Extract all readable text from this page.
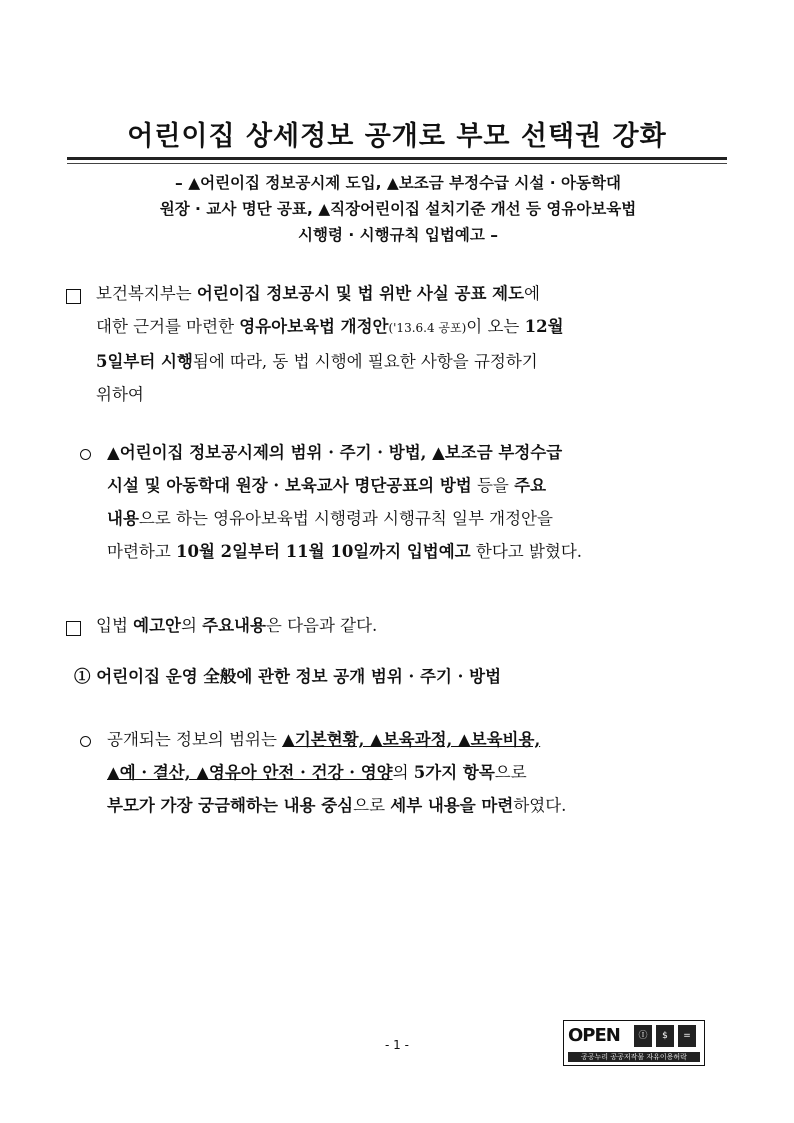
어린이집 상세정보 공개로 부모 선택권 강화
– ▲어린이집 정보공시제 도입, ▲보조금 부정수급 시설 · 아동학대
원장 · 교사 명단 공표, ▲직장어린이집 설치기준 개선 등 영유아보육법
시행령 · 시행규칙 입법예고 –
보건복지부는 어린이집 정보공시 및 법 위반 사실 공표 제도에
대한 근거를 마련한 영유아보육법 개정안('13.6.4 공포)이 오는 12월
5일부터 시행됨에 따라, 동 법 시행에 필요한 사항을 규정하기
위하여
▲어린이집 정보공시제의 범위 · 주기 · 방법, ▲보조금 부정수급
시설 및 아동학대 원장 · 보육교사 명단공표의 방법 등을 주요
내용으로 하는 영유아보육법 시행령과 시행규칙 일부 개정안을
마련하고 10월 2일부터 11월 10일까지 입법예고 한다고 밝혔다.
입법 예고안의 주요내용은 다음과 같다.
① 어린이집 운영 全般에 관한 정보 공개 범위 · 주기 · 방법
공개되는 정보의 범위는 ▲기본현황, ▲보육과정, ▲보육비용,
▲예 · 결산, ▲영유아 안전 · 건강 · 영양의 5가지 항목으로
부모가 가장 궁금해하는 내용 중심으로 세부 내용을 마련하였다.
- 1 -	OPEN	Ⓘ	$	=
공공누리 공공저작물 자유이용허락
